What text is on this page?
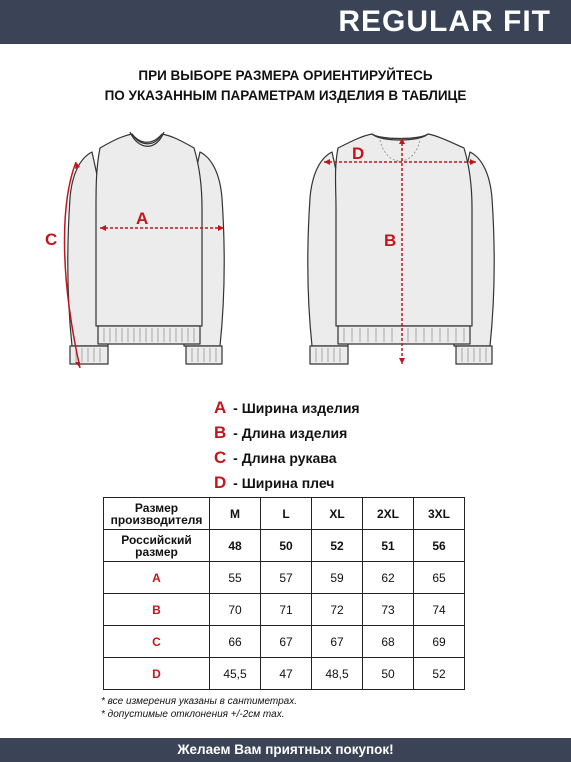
REGULAR FIT
ПРИ ВЫБОРЕ РАЗМЕРА ОРИЕНТИРУЙТЕСЬ
ПО УКАЗАННЫМ ПАРАМЕТРАМ ИЗДЕЛИЯ В ТАБЛИЦЕ
A
C
D
B
A - Ширина изделия
B - Длина изделия
C - Длина рукава
D - Ширина плеч
Размер производителя	M	L	XL	2XL	3XL
Российский размер	48	50	52	51	56
A	55	57	59	62	65
B	70	71	72	73	74
C	66	67	67	68	69
D	45,5	47	48,5	50	52
* все измерения указаны в сантиметрах.
* допустимые отклонения +/-2см тах.
Желаем Вам приятных покупок!
